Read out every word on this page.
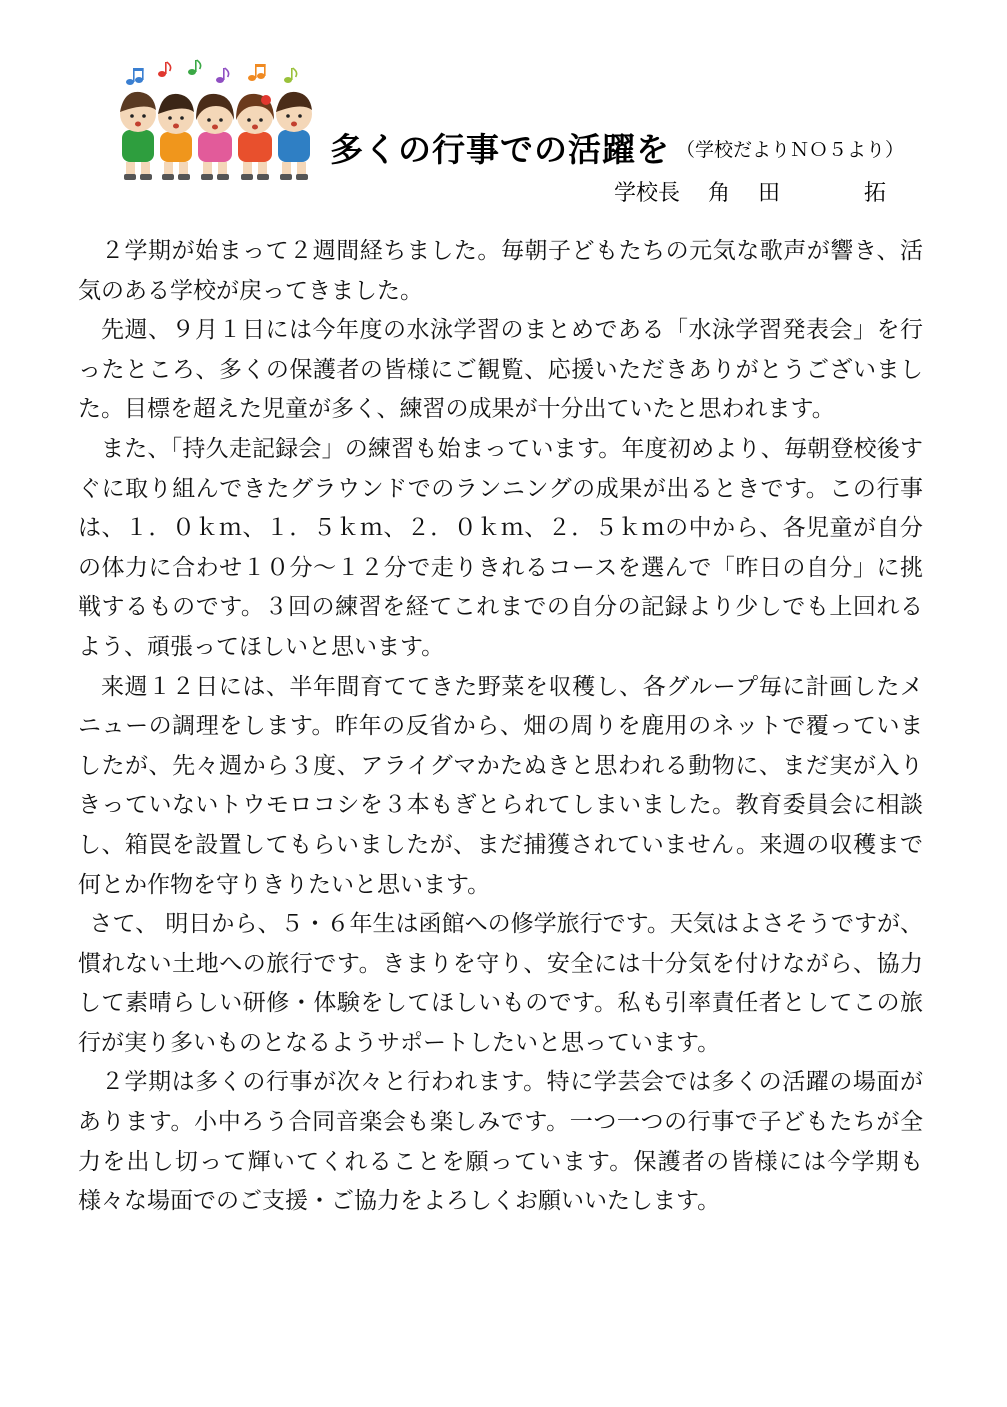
多くの行事での活躍を （学校だよりＮＯ５より）
学校長 角 田	拓

２学期が始まって２週間経ちました。毎朝子どもたちの元気な歌声が響き、活気のある学校が戻ってきました。

先週、９月１日には今年度の水泳学習のまとめである「水泳学習発表会」を行ったところ、多くの保護者の皆様にご観覧、応援いただきありがとうございました。目標を超えた児童が多く、練習の成果が十分出ていたと思われます。

また、「持久走記録会」の練習も始まっています。年度初めより、毎朝登校後すぐに取り組んできたグラウンドでのランニングの成果が出るときです。この行事は、１．０ｋｍ、１．５ｋｍ、２．０ｋｍ、２．５ｋｍの中から、各児童が自分の体力に合わせ１０分～１２分で走りきれるコースを選んで「昨日の自分」に挑戦するものです。３回の練習を経てこれまでの自分の記録より少しでも上回れるよう、頑張ってほしいと思います。

来週１２日には、半年間育ててきた野菜を収穫し、各グループ毎に計画したメニューの調理をします。昨年の反省から、畑の周りを鹿用のネットで覆っていましたが、先々週から３度、アライグマかたぬきと思われる動物に、まだ実が入りきっていないトウモロコシを３本もぎとられてしまいました。教育委員会に相談し、箱罠を設置してもらいましたが、まだ捕獲されていません。来週の収穫まで何とか作物を守りきりたいと思います。

さて、 明日から、５・６年生は函館への修学旅行です。天気はよさそうですが、慣れない土地への旅行です。きまりを守り、安全には十分気を付けながら、協力して素晴らしい研修・体験をしてほしいものです。私も引率責任者としてこの旅行が実り多いものとなるようサポートしたいと思っています。

２学期は多くの行事が次々と行われます。特に学芸会では多くの活躍の場面があります。小中ろう合同音楽会も楽しみです。一つ一つの行事で子どもたちが全力を出し切って輝いてくれることを願っています。保護者の皆様には今学期も様々な場面でのご支援・ご協力をよろしくお願いいたします。
